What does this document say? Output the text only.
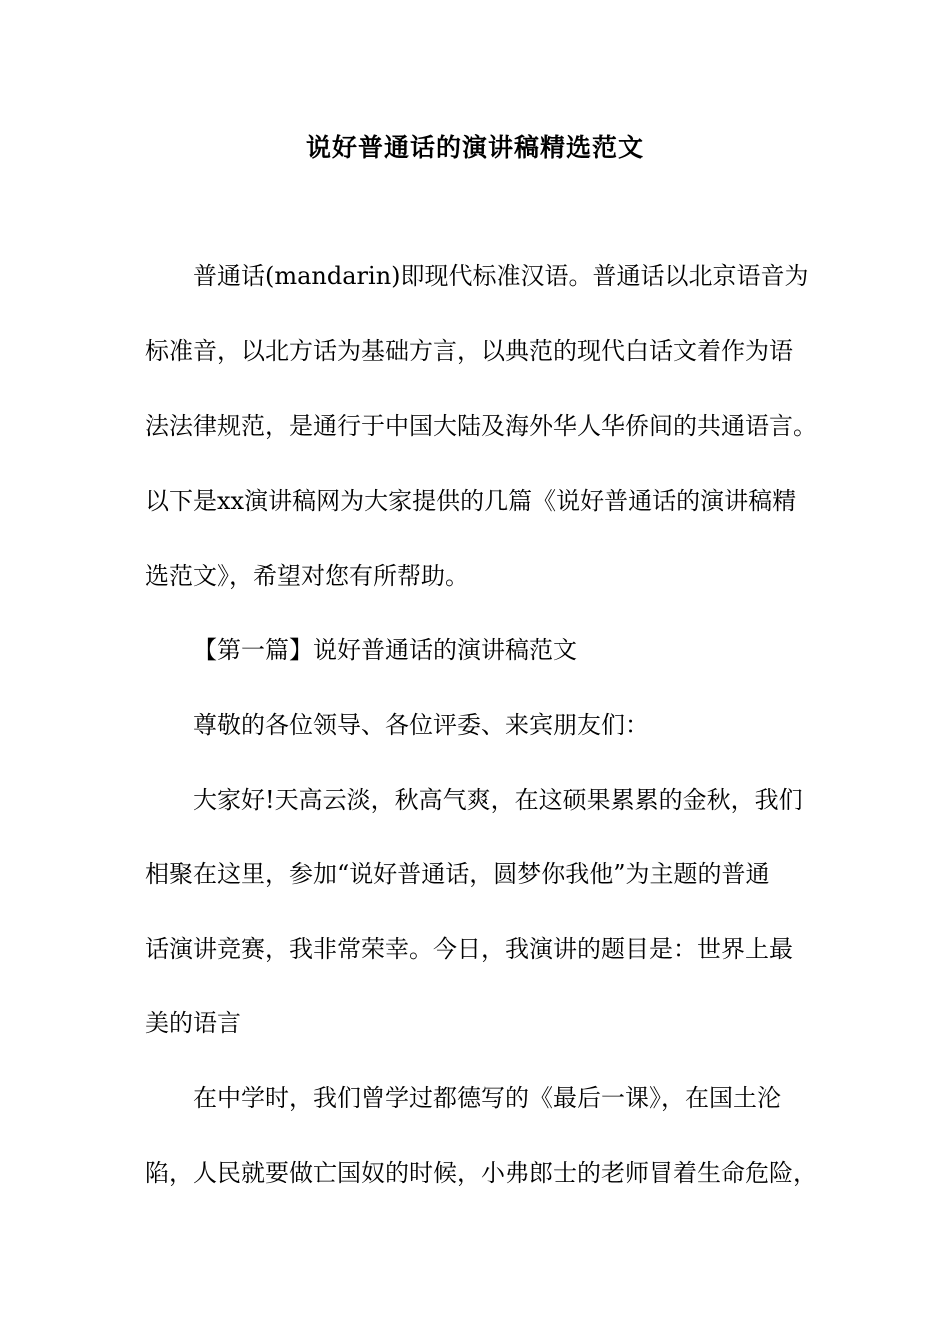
说好普通话的演讲稿精选范文
普通话(mandarin)即现代标准汉语。普通话以北京语音为
标准音，以北方话为基础方言，以典范的现代白话文着作为语
法法律规范，是通行于中国大陆及海外华人华侨间的共通语言。
以下是xx演讲稿网为大家提供的几篇《说好普通话的演讲稿精
选范文》，希望对您有所帮助。
【第一篇】说好普通话的演讲稿范文
尊敬的各位领导、各位评委、来宾朋友们：
大家好!天高云淡，秋高气爽，在这硕果累累的金秋，我们
相聚在这里，参加“说好普通话，圆梦你我他”为主题的普通
话演讲竞赛，我非常荣幸。今日，我演讲的题目是：世界上最
美的语言
在中学时，我们曾学过都德写的《最后一课》，在国土沦
陷，人民就要做亡国奴的时候，小弗郎士的老师冒着生命危险，
